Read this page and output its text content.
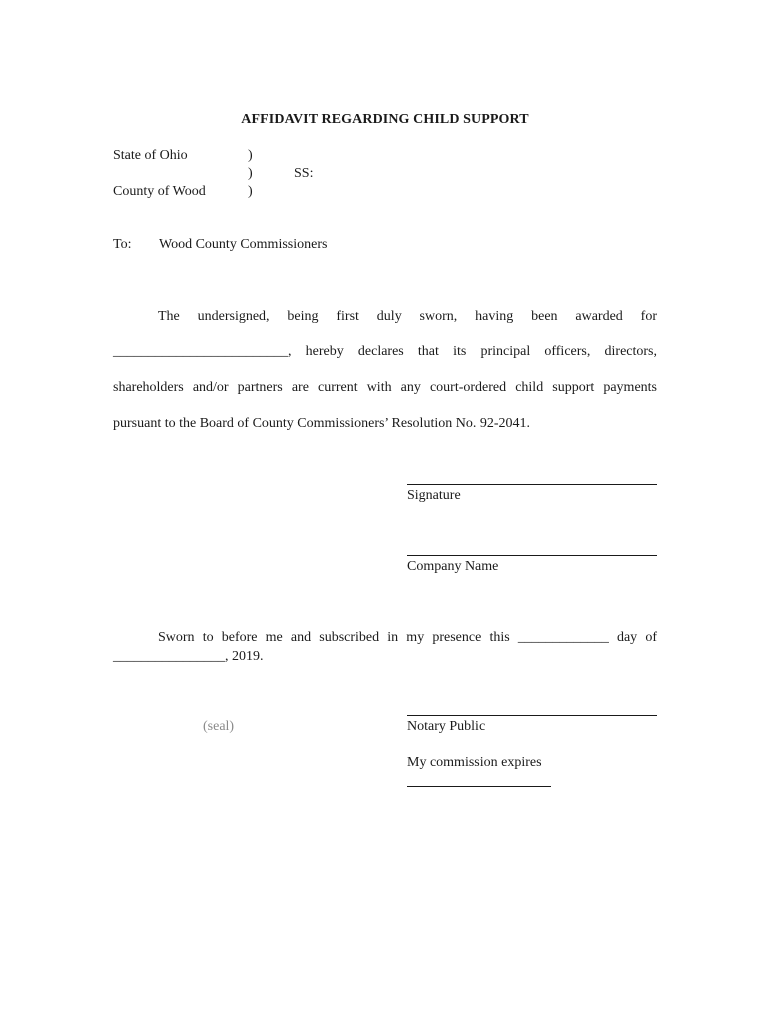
AFFIDAVIT REGARDING CHILD SUPPORT
State of Ohio
County of Wood
)
)
)
SS:
To: Wood County Commissioners
The undersigned, being first duly sworn, having been awarded for
_________________________, hereby declares that its principal officers, directors,
shareholders and/or partners are current with any court-ordered child support payments
pursuant to the Board of County Commissioners’ Resolution No. 92-2041.
Signature
Company Name
Sworn to before me and subscribed in my presence this _____________ day of
________________, 2019.
(seal)	Notary Public
My commission expires
